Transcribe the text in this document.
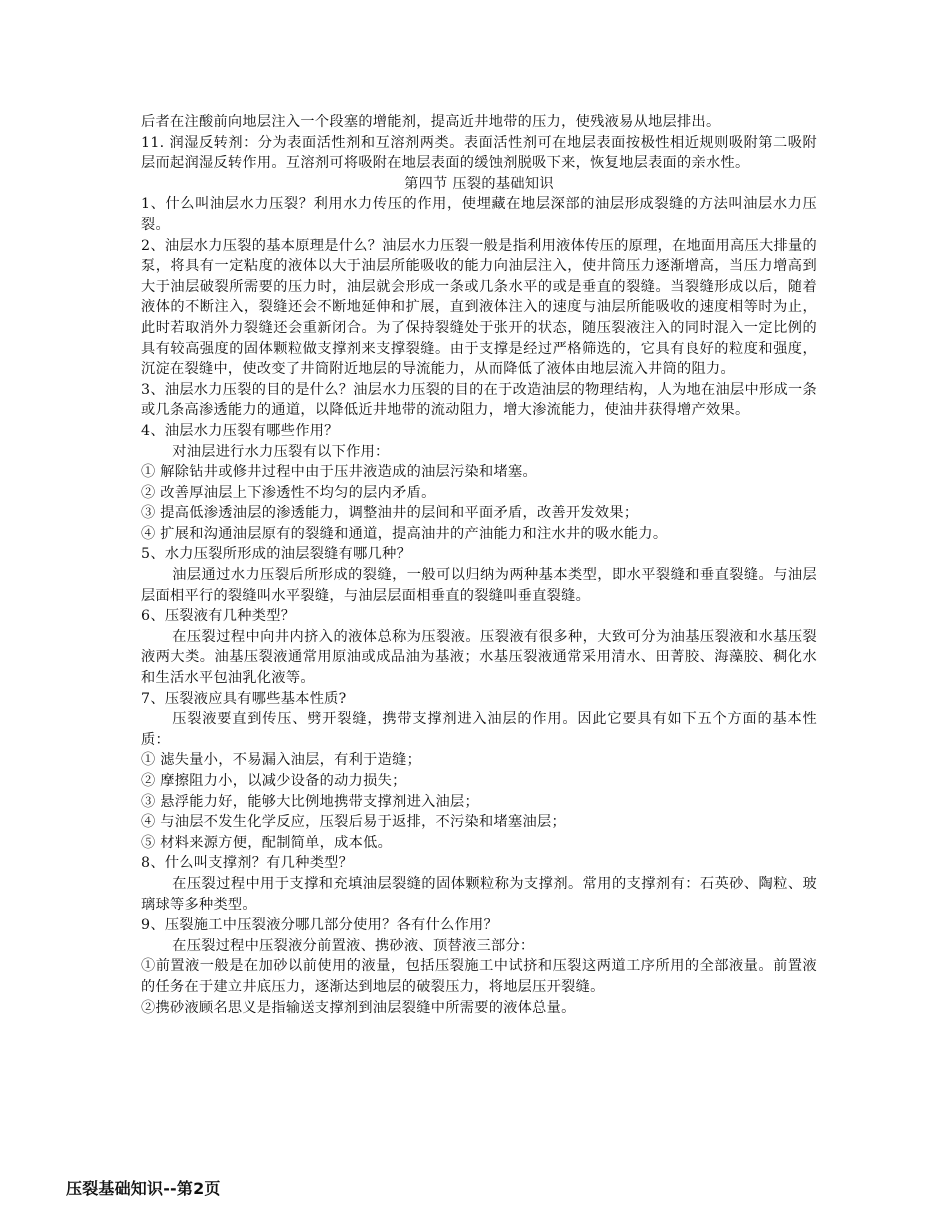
后者在注酸前向地层注入一个段塞的增能剂，提高近井地带的压力，使残液易从地层排出。

11. 润湿反转剂：分为表面活性剂和互溶剂两类。表面活性剂可在地层表面按极性相近规则吸附第二吸附层而起润湿反转作用。互溶剂可将吸附在地层表面的缓蚀剂脱吸下来，恢复地层表面的亲水性。

第四节 压裂的基础知识

1、什么叫油层水力压裂？利用水力传压的作用，使埋藏在地层深部的油层形成裂缝的方法叫油层水力压裂。

2、油层水力压裂的基本原理是什么？油层水力压裂一般是指利用液体传压的原理，在地面用高压大排量的泵，将具有一定粘度的液体以大于油层所能吸收的能力向油层注入，使井筒压力逐渐增高，当压力增高到大于油层破裂所需要的压力时，油层就会形成一条或几条水平的或是垂直的裂缝。当裂缝形成以后，随着液体的不断注入，裂缝还会不断地延伸和扩展，直到液体注入的速度与油层所能吸收的速度相等时为止，此时若取消外力裂缝还会重新闭合。为了保持裂缝处于张开的状态，随压裂液注入的同时混入一定比例的具有较高强度的固体颗粒做支撑剂来支撑裂缝。由于支撑是经过严格筛选的，它具有良好的粒度和强度，沉淀在裂缝中，使改变了井筒附近地层的导流能力，从而降低了液体由地层流入井筒的阻力。

3、油层水力压裂的目的是什么？油层水力压裂的目的在于改造油层的物理结构，人为地在油层中形成一条或几条高渗透能力的通道，以降低近井地带的流动阻力，增大渗流能力，使油井获得增产效果。

4、油层水力压裂有哪些作用？

对油层进行水力压裂有以下作用：

① 解除钻井或修井过程中由于压井液造成的油层污染和堵塞。

② 改善厚油层上下渗透性不均匀的层内矛盾。

③ 提高低渗透油层的渗透能力，调整油井的层间和平面矛盾，改善开发效果；

④ 扩展和沟通油层原有的裂缝和通道，提高油井的产油能力和注水井的吸水能力。

5、水力压裂所形成的油层裂缝有哪几种？

油层通过水力压裂后所形成的裂缝，一般可以归纳为两种基本类型，即水平裂缝和垂直裂缝。与油层层面相平行的裂缝叫水平裂缝，与油层层面相垂直的裂缝叫垂直裂缝。

6、压裂液有几种类型？

在压裂过程中向井内挤入的液体总称为压裂液。压裂液有很多种，大致可分为油基压裂液和水基压裂液两大类。油基压裂液通常用原油或成品油为基液；水基压裂液通常采用清水、田菁胶、海藻胶、稠化水和生活水平包油乳化液等。

7、压裂液应具有哪些基本性质?

压裂液要直到传压、劈开裂缝，携带支撑剂进入油层的作用。因此它要具有如下五个方面的基本性质：

① 滤失量小，不易漏入油层，有利于造缝；

② 摩擦阻力小，以减少设备的动力损失；

③ 悬浮能力好，能够大比例地携带支撑剂进入油层；

④ 与油层不发生化学反应，压裂后易于返排，不污染和堵塞油层；

⑤ 材料来源方便，配制简单，成本低。

8、什么叫支撑剂？有几种类型？

在压裂过程中用于支撑和充填油层裂缝的固体颗粒称为支撑剂。常用的支撑剂有：石英砂、陶粒、玻璃球等多种类型。

9、压裂施工中压裂液分哪几部分使用？各有什么作用？

在压裂过程中压裂液分前置液、携砂液、顶替液三部分：

①前置液一般是在加砂以前使用的液量，包括压裂施工中试挤和压裂这两道工序所用的全部液量。前置液的任务在于建立井底压力，逐渐达到地层的破裂压力，将地层压开裂缝。

②携砂液顾名思义是指输送支撑剂到油层裂缝中所需要的液体总量。

压裂基础知识--第2页
